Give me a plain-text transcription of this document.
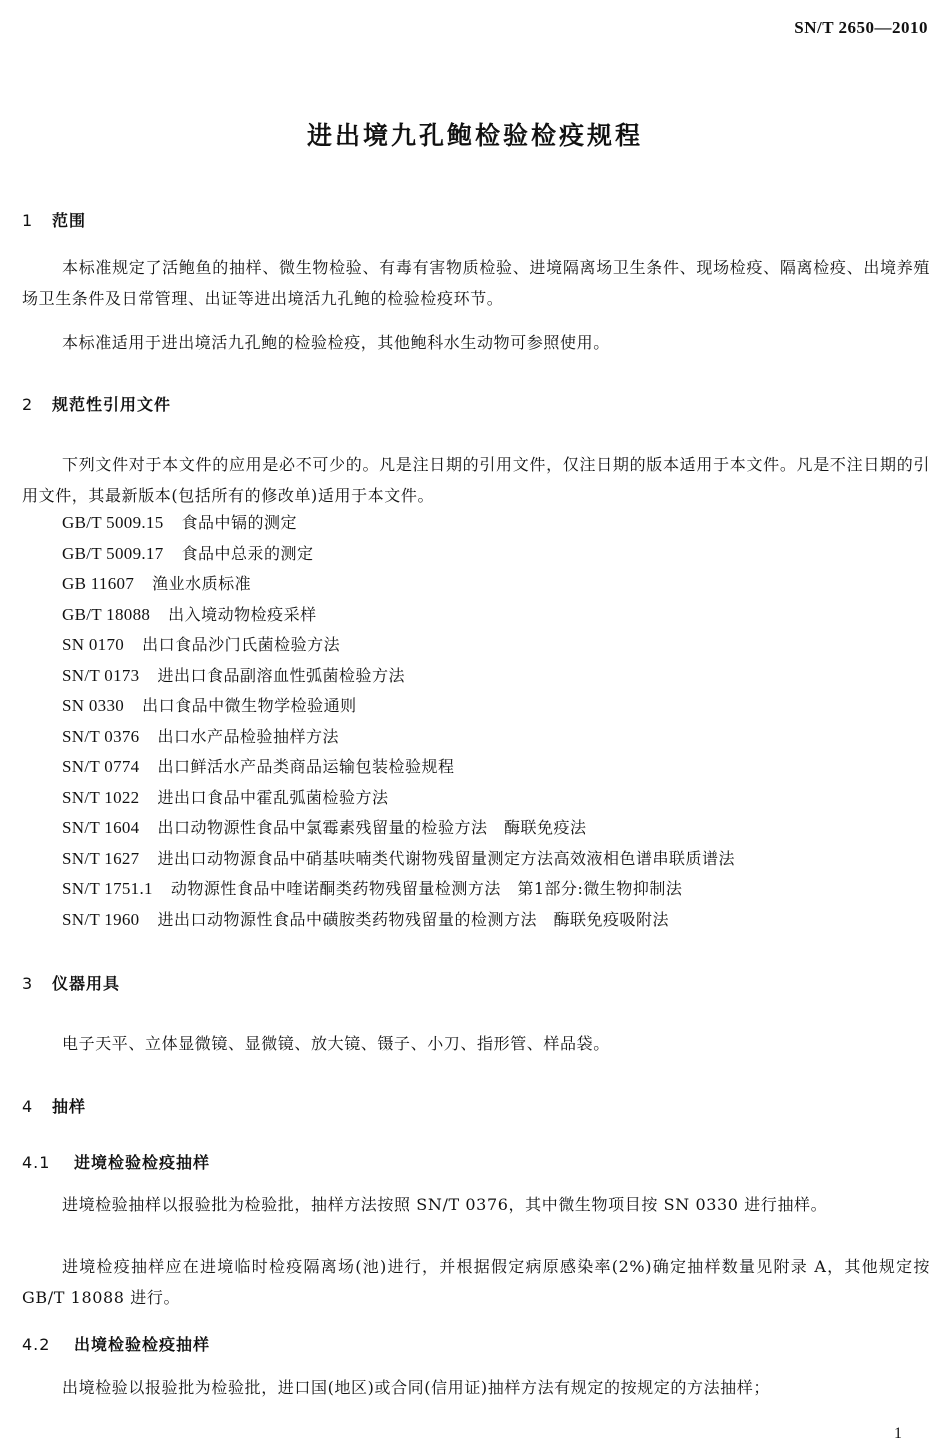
SN/T 2650—2010
进出境九孔鲍检验检疫规程
1 范围

本标准规定了活鲍鱼的抽样、微生物检验、有毒有害物质检验、进境隔离场卫生条件、现场检疫、隔离检疫、出境养殖场卫生条件及日常管理、出证等进出境活九孔鲍的检验检疫环节。

本标准适用于进出境活九孔鲍的检验检疫，其他鲍科水生动物可参照使用。

2 规范性引用文件

下列文件对于本文件的应用是必不可少的。凡是注日期的引用文件，仅注日期的版本适用于本文件。凡是不注日期的引用文件，其最新版本(包括所有的修改单)适用于本文件。

GB/T 5009.15 食品中镉的测定
GB/T 5009.17 食品中总汞的测定
GB 11607 渔业水质标准
GB/T 18088 出入境动物检疫采样
SN 0170 出口食品沙门氏菌检验方法
SN/T 0173 进出口食品副溶血性弧菌检验方法
SN 0330 出口食品中微生物学检验通则
SN/T 0376 出口水产品检验抽样方法
SN/T 0774 出口鲜活水产品类商品运输包装检验规程
SN/T 1022 进出口食品中霍乱弧菌检验方法
SN/T 1604 出口动物源性食品中氯霉素残留量的检验方法　酶联免疫法
SN/T 1627 进出口动物源食品中硝基呋喃类代谢物残留量测定方法高效液相色谱串联质谱法
SN/T 1751.1 动物源性食品中喹诺酮类药物残留量检测方法　第1部分:微生物抑制法
SN/T 1960 进出口动物源性食品中磺胺类药物残留量的检测方法　酶联免疫吸附法
3 仪器用具

电子天平、立体显微镜、显微镜、放大镜、镊子、小刀、指形管、样品袋。

4 抽样
4.1 进境检验检疫抽样

进境检验抽样以报验批为检验批，抽样方法按照 SN/T 0376，其中微生物项目按 SN 0330 进行抽样。

进境检疫抽样应在进境临时检疫隔离场(池)进行，并根据假定病原感染率(2%)确定抽样数量见附录 A，其他规定按 GB/T 18088 进行。

4.2 出境检验检疫抽样

出境检验以报验批为检验批，进口国(地区)或合同(信用证)抽样方法有规定的按规定的方法抽样；

1
